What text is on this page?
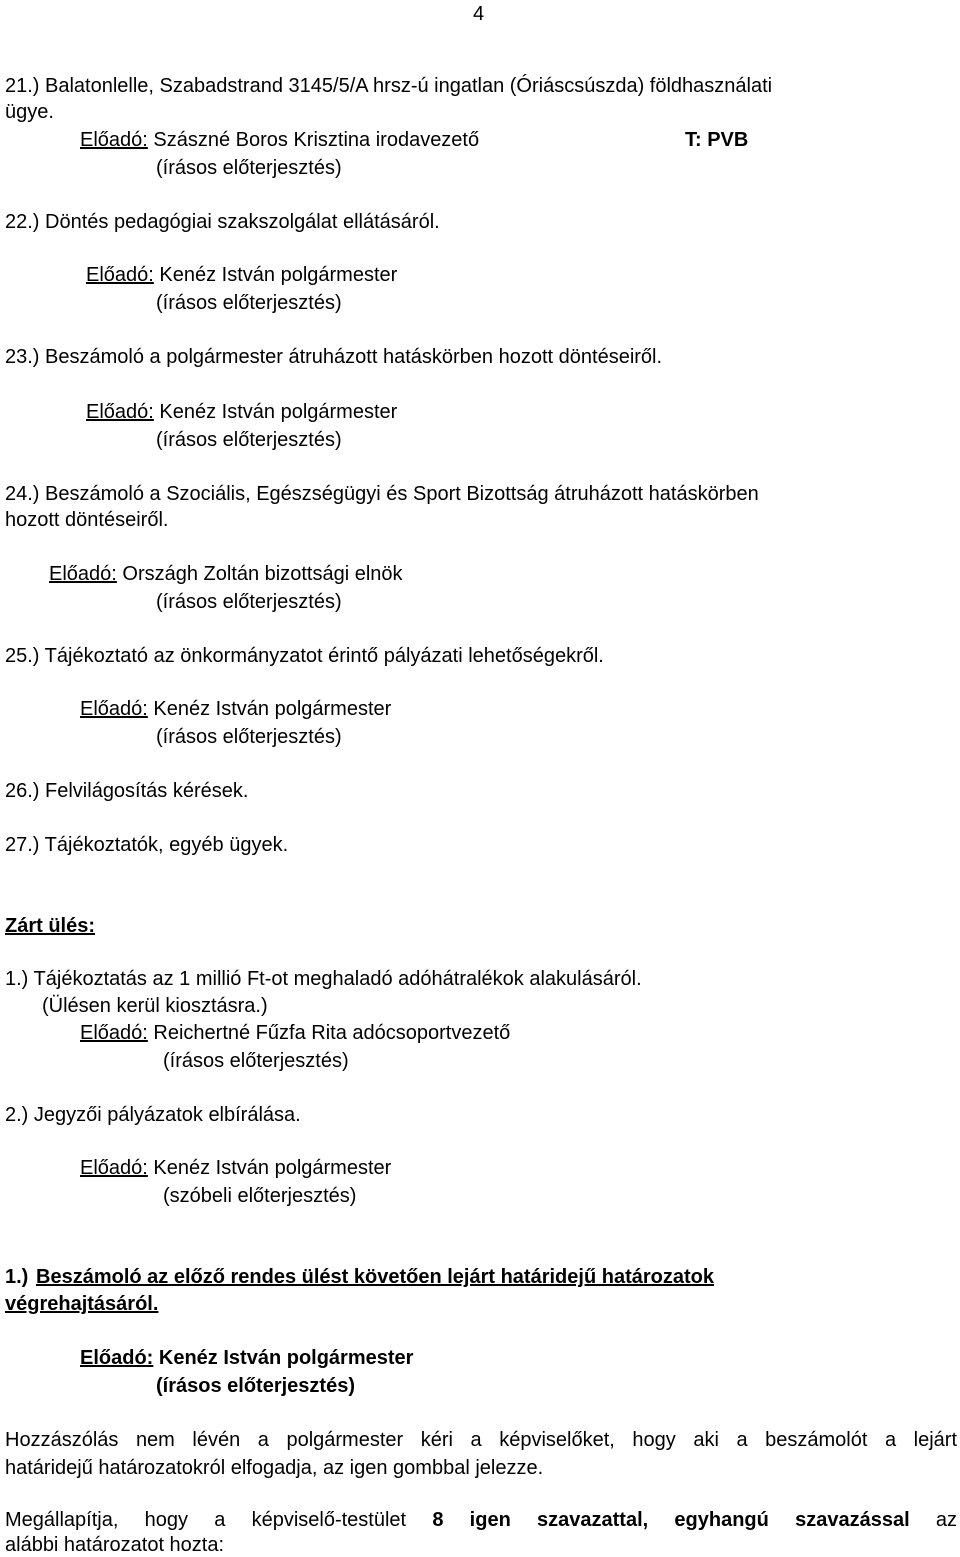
4
21.) Balatonlelle, Szabadstrand 3145/5/A hrsz-ú ingatlan (Óriáscsúszda) földhasználati
ügye.
Előadó: Szászné Boros Krisztina irodavezető	T: PVB
(írásos előterjesztés)
22.) Döntés pedagógiai szakszolgálat ellátásáról.
Előadó: Kenéz István polgármester
(írásos előterjesztés)
23.) Beszámoló a polgármester átruházott hatáskörben hozott döntéseiről.
Előadó: Kenéz István polgármester
(írásos előterjesztés)
24.) Beszámoló a Szociális, Egészségügyi és Sport Bizottság átruházott hatáskörben
hozott döntéseiről.
Előadó: Országh Zoltán bizottsági elnök
(írásos előterjesztés)
25.) Tájékoztató az önkormányzatot érintő pályázati lehetőségekről.
Előadó: Kenéz István polgármester
(írásos előterjesztés)
26.) Felvilágosítás kérések.
27.) Tájékoztatók, egyéb ügyek.
Zárt ülés:
1.) Tájékoztatás az 1 millió Ft-ot meghaladó adóhátralékok alakulásáról.
(Ülésen kerül kiosztásra.)
Előadó: Reichertné Fűzfa Rita adócsoportvezető
(írásos előterjesztés)
2.) Jegyzői pályázatok elbírálása.
Előadó: Kenéz István polgármester
(szóbeli előterjesztés)
1.) Beszámoló az előző rendes ülést követően lejárt határidejű határozatok
végrehajtásáról.
Előadó: Kenéz István polgármester
(írásos előterjesztés)
Hozzászólás nem lévén a polgármester kéri a képviselőket, hogy aki a beszámolót a lejárt
határidejű határozatokról elfogadja, az igen gombbal jelezze.
Megállapítja, hogy a képviselő-testület 8 igen szavazattal, egyhangú szavazással az
alábbi határozatot hozta:
